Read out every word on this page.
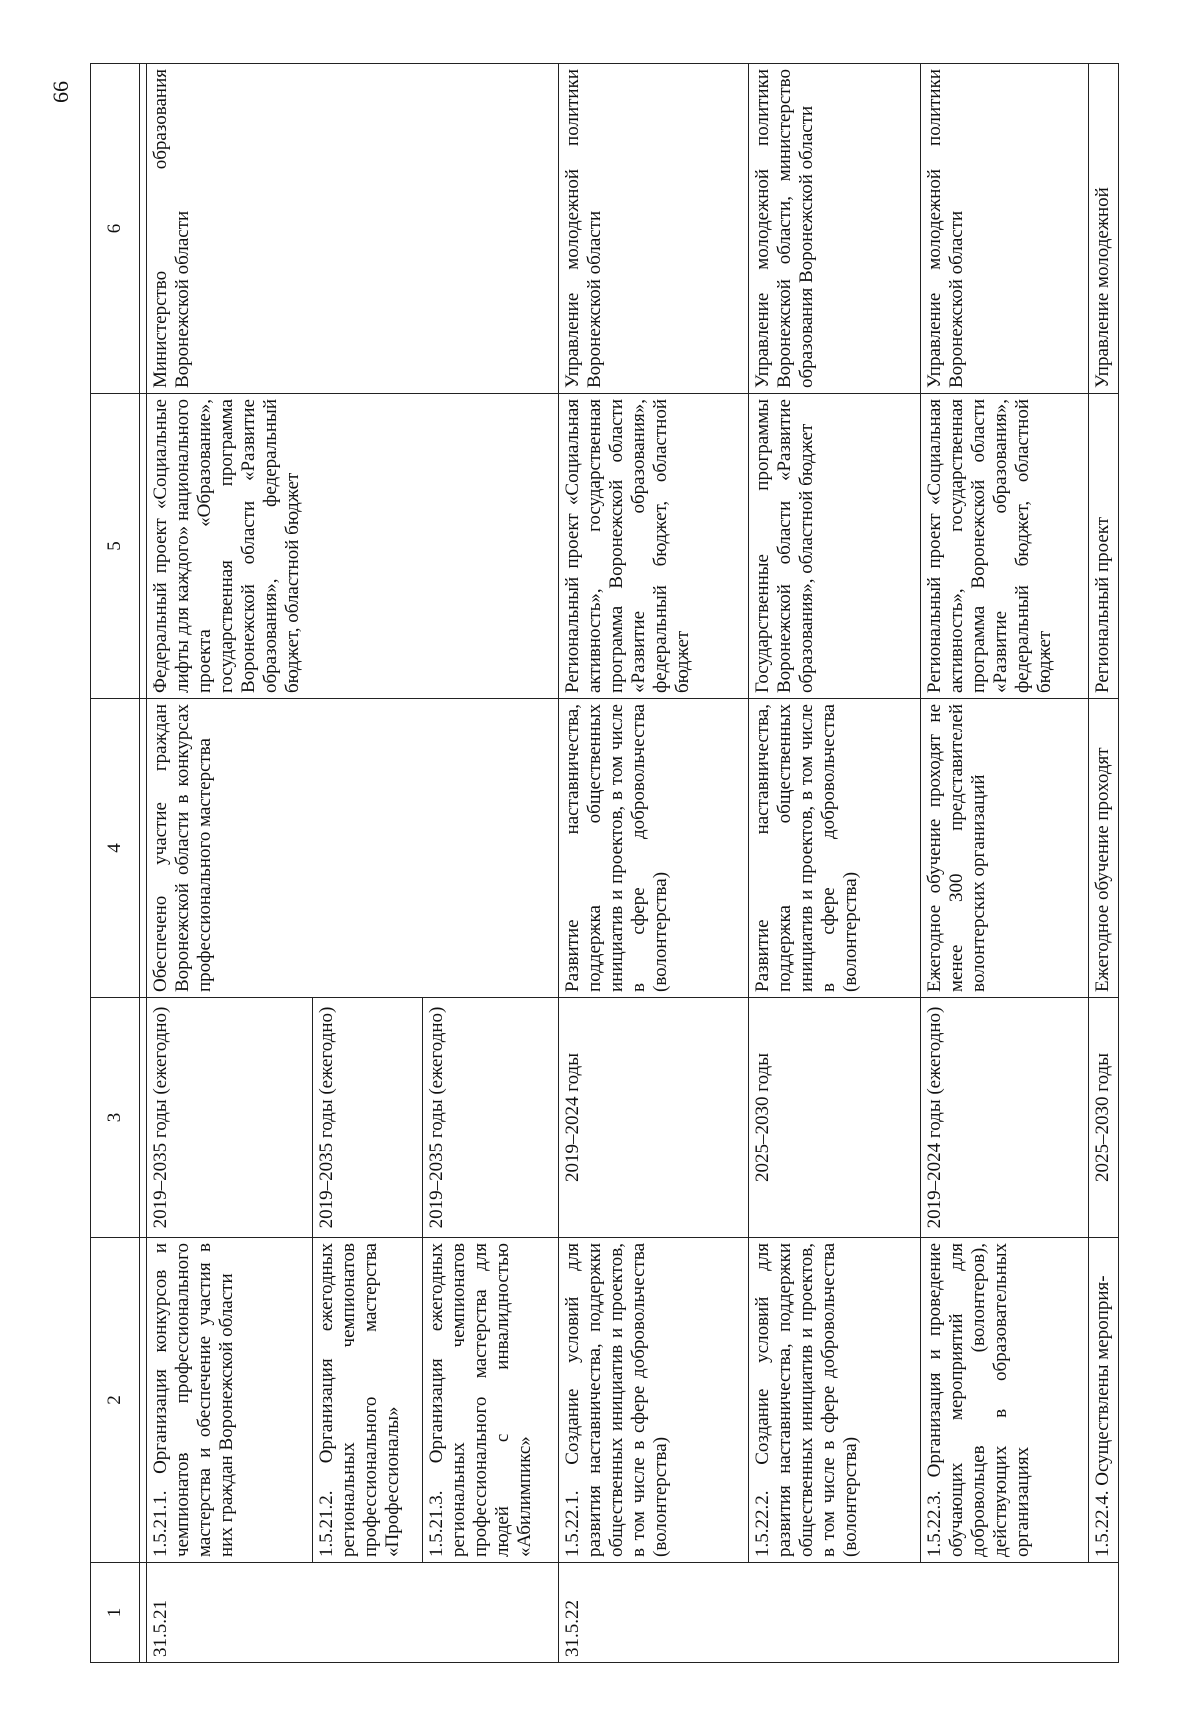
66
1	2	3	4	5	6

31.5.21	1.5.21.1. Организация конкурсов и чемпионатов профессионального мастерства и обеспечение участия в них граждан Воронежской области	2019–2035 годы (ежегодно)	Обеспечено участие граждан Воронежской области в конкурсах профессионального мастерства	Федеральный проект «Социальные лифты для каждого» национального проекта «Образование», государственная программа Воронежской области «Развитие образования», федеральный бюджет, областной бюджет	Министерство образования Воронежской области
	1.5.21.2. Организация ежегодных региональных чемпионатов профессионального мастерства «Профессионалы»	2019–2035 годы (ежегодно)			
	1.5.21.3. Организация ежегодных региональных чемпионатов профессионального мастерства для людей с инвалидностью «Абилимпикс»	2019–2035 годы (ежегодно)			
31.5.22	1.5.22.1. Создание условий для развития наставничества, поддержки общественных инициатив и проектов, в том числе в сфере добровольчества (волонтерства)	2019–2024 годы	Развитие наставничества, поддержка общественных инициатив и проектов, в том числе в сфере добровольчества (волонтерства)	Региональный проект «Социальная активность», государственная программа Воронежской области «Развитие образования», федеральный бюджет, областной бюджет	Управление молодежной политики Воронежской области
	1.5.22.2. Создание условий для развития наставничества, поддержки общественных инициатив и проектов, в том числе в сфере добровольчества (волонтерства)	2025–2030 годы	Развитие наставничества, поддержка общественных инициатив и проектов, в том числе в сфере добровольчества (волонтерства)	Государственные программы Воронежской области «Развитие образования», областной бюджет	Управление молодежной политики Воронежской области, министерство образования Воронежской области
	1.5.22.3. Организация и проведение обучающих мероприятий для добровольцев (волонтеров), действующих в образовательных организациях	2019–2024 годы (ежегодно)	Ежегодное обучение проходят не менее 300 представителей волонтерских организаций	Региональный проект «Социальная активность», государственная программа Воронежской области «Развитие образования», федеральный бюджет, областной бюджет	Управление молодежной политики Воронежской области
	1.5.22.4. Осуществлены мероприя-	2025–2030 годы	Ежегодное обучение проходят	Региональный проект	Управление молодежной
